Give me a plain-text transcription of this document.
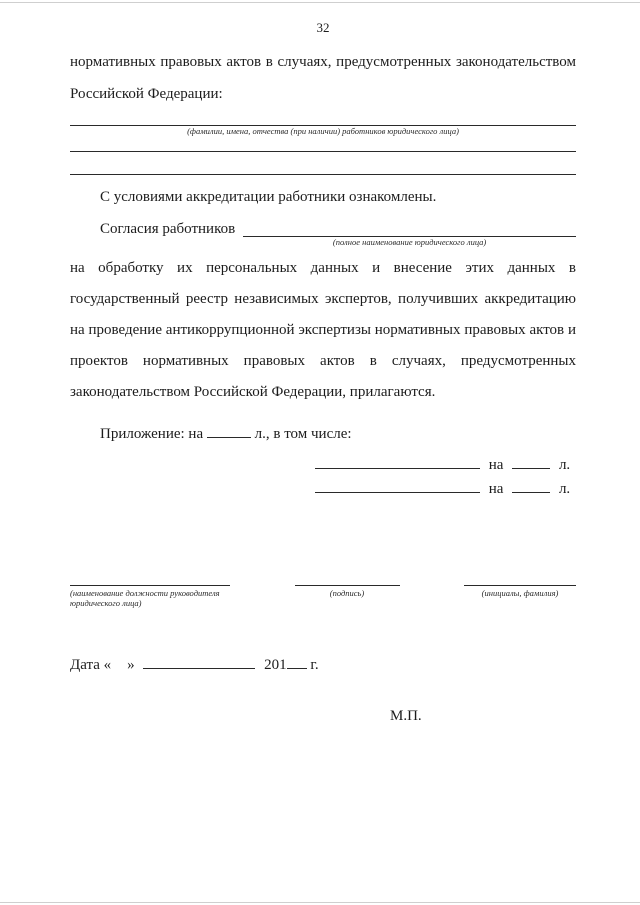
32

нормативных правовых актов в случаях, предусмотренных законодательством Российской Федерации:

(фамилии, имена, отчества (при наличии) работников юридического лица)

С условиями аккредитации работники ознакомлены.

Согласия работников
(полное наименование юридического лица)

на обработку их персональных данных и внесение этих данных в государственный реестр независимых экспертов, получивших аккредитацию на проведение антикоррупционной экспертизы нормативных правовых актов и проектов нормативных правовых актов в случаях, предусмотренных законодательством Российской Федерации, прилагаются.

Приложение: на	л., в том числе:
на	л.
на	л.
(наименование должности руководителя юридического лица)
(подпись)	(инициалы, фамилия)
Дата « »	201 г.
М.П.
